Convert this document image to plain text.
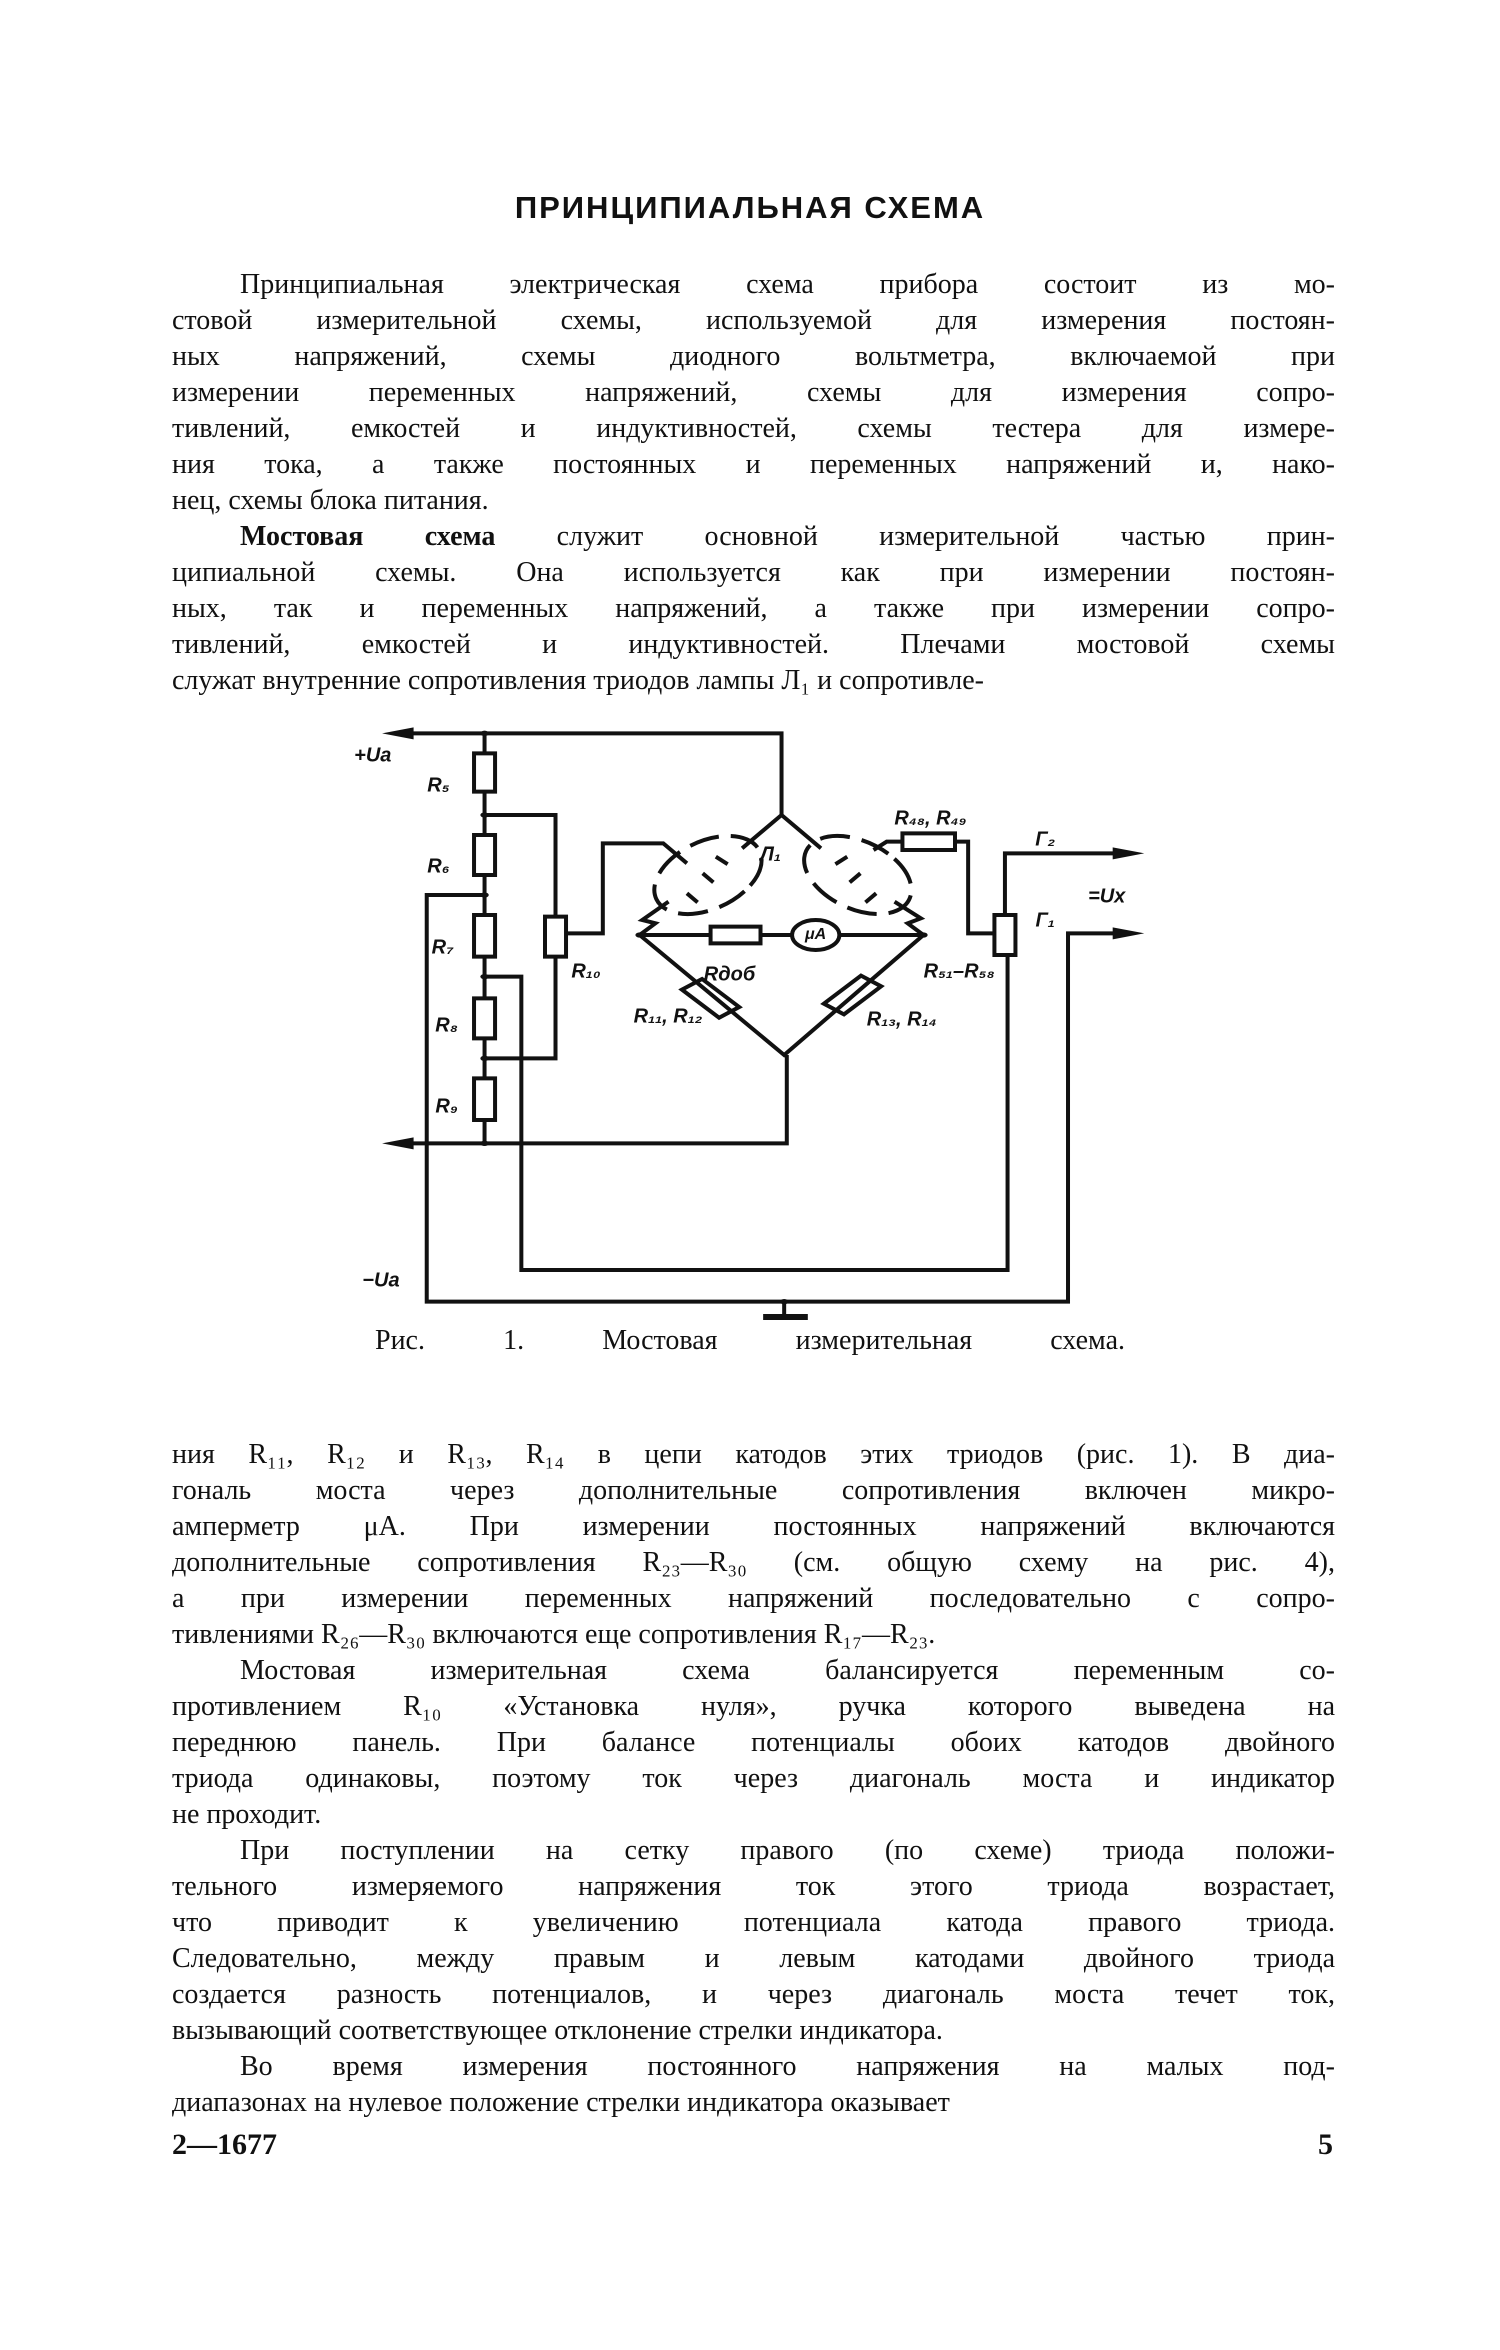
ПРИНЦИПИАЛЬНАЯ СХЕМА
Принципиальная электрическая схема прибора состоит из мо-
стовой измерительной схемы, используемой для измерения постоян-
ных напряжений, схемы диодного вольтметра, включаемой при
измерении переменных напряжений, схемы для измерения сопро-
тивлений, емкостей и индуктивностей, схемы тестера для измере-
ния тока, а также постоянных и переменных напряжений и, нако-
нец, схемы блока питания.
Мостовая схема служит основной измерительной частью прин-
ципиальной схемы. Она используется как при измерении постоян-
ных, так и переменных напряжений, а также при измерении сопро-
тивлений, емкостей и индуктивностей. Плечами мостовой схемы
служат внутренние сопротивления триодов лампы Л₁ и сопротивле-
+Uа
R₅
R₆
R₇
R₈
R₉
R₁₀
Л₁
R₄₈, R₄₉
Г₂
=Uх
Г₁
Rдоб
μA
R₅₁–R₅₈
R₁₁, R₁₂	R₁₃, R₁₄
−Uа
Рис. 1. Мостовая измерительная схема.
ния R₁₁, R₁₂ и R₁₃, R₁₄ в цепи катодов этих триодов (рис. 1). В диа-
гональ моста через дополнительные сопротивления включен микро-
амперметр μA. При измерении постоянных напряжений включаются
дополнительные сопротивления R₂₃—R₃₀ (см. общую схему на рис. 4),
а при измерении переменных напряжений последовательно с сопро-
тивлениями R₂₆—R₃₀ включаются еще сопротивления R₁₇—R₂₃.
Мостовая измерительная схема балансируется переменным со-
противлением R₁₀ «Установка нуля», ручка которого выведена на
переднюю панель. При балансе потенциалы обоих катодов двойного
триода одинаковы, поэтому ток через диагональ моста и индикатор
не проходит.
При поступлении на сетку правого (по схеме) триода положи-
тельного измеряемого напряжения ток этого триода возрастает,
что приводит к увеличению потенциала катода правого триода.
Следовательно, между правым и левым катодами двойного триода
создается разность потенциалов, и через диагональ моста течет ток,
вызывающий соответствующее отклонение стрелки индикатора.
Во время измерения постоянного напряжения на малых под-
диапазонах на нулевое положение стрелки индикатора оказывает
2—1677	5
